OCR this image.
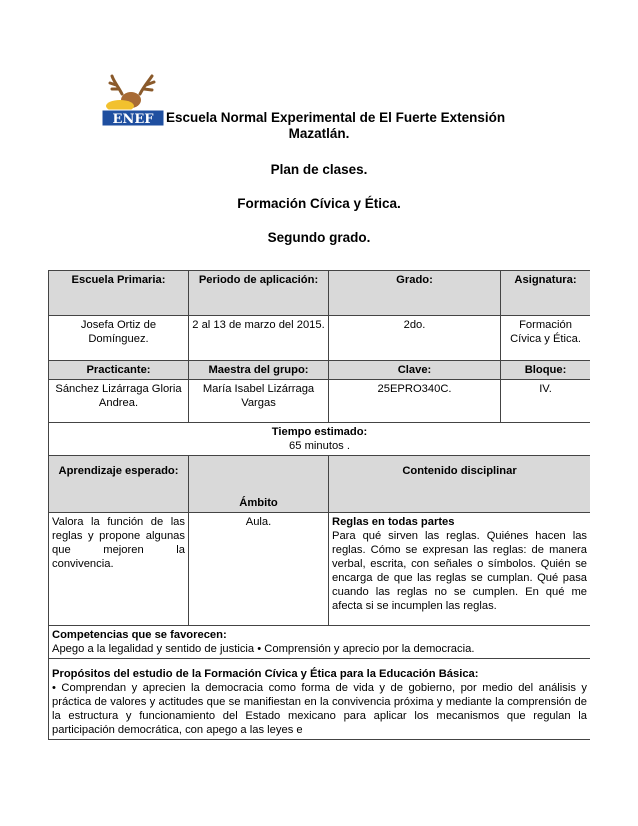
ENEF Escuela Normal Experimental de El Fuerte Extensión
Mazatlán.
Plan de clases.
Formación Cívica y Ética.
Segundo grado.
Escuela Primaria:	Periodo de aplicación:	Grado:	Asignatura:
Josefa Ortiz de Domínguez.	2 al 13 de marzo del 2015.	2do.	Formación Cívica y Ética.
Practicante:	Maestra del grupo:	Clave:	Bloque:
Sánchez Lizárraga Gloria Andrea.	María Isabel Lizárraga Vargas	25EPRO340C.	IV.

Tiempo estimado:
65 minutos .			

Aprendizaje esperado:	Ámbito	Contenido disciplinar	
Valora la función de las reglas y propone algunas que mejoren la convivencia.	Aula.	Reglas en todas partes
Para qué sirven las reglas. Quiénes hacen las reglas. Cómo se expresan las reglas: de manera verbal, escrita, con señales o símbolos. Quién se encarga de que las reglas se cumplan. Qué pasa cuando las reglas no se cumplen. En qué me afecta si se incumplen las reglas.	

Competencias que se favorecen:
Apego a la legalidad y sentido de justicia • Comprensión y aprecio por la democracia.			

Propósitos del estudio de la Formación Cívica y Ética para la Educación Básica:
• Comprendan y aprecien la democracia como forma de vida y de gobierno, por medio del análisis y práctica de valores y actitudes que se manifiestan en la convivencia próxima y mediante la comprensión de la estructura y funcionamiento del Estado mexicano para aplicar los mecanismos que regulan la participación democrática, con apego a las leyes e			
